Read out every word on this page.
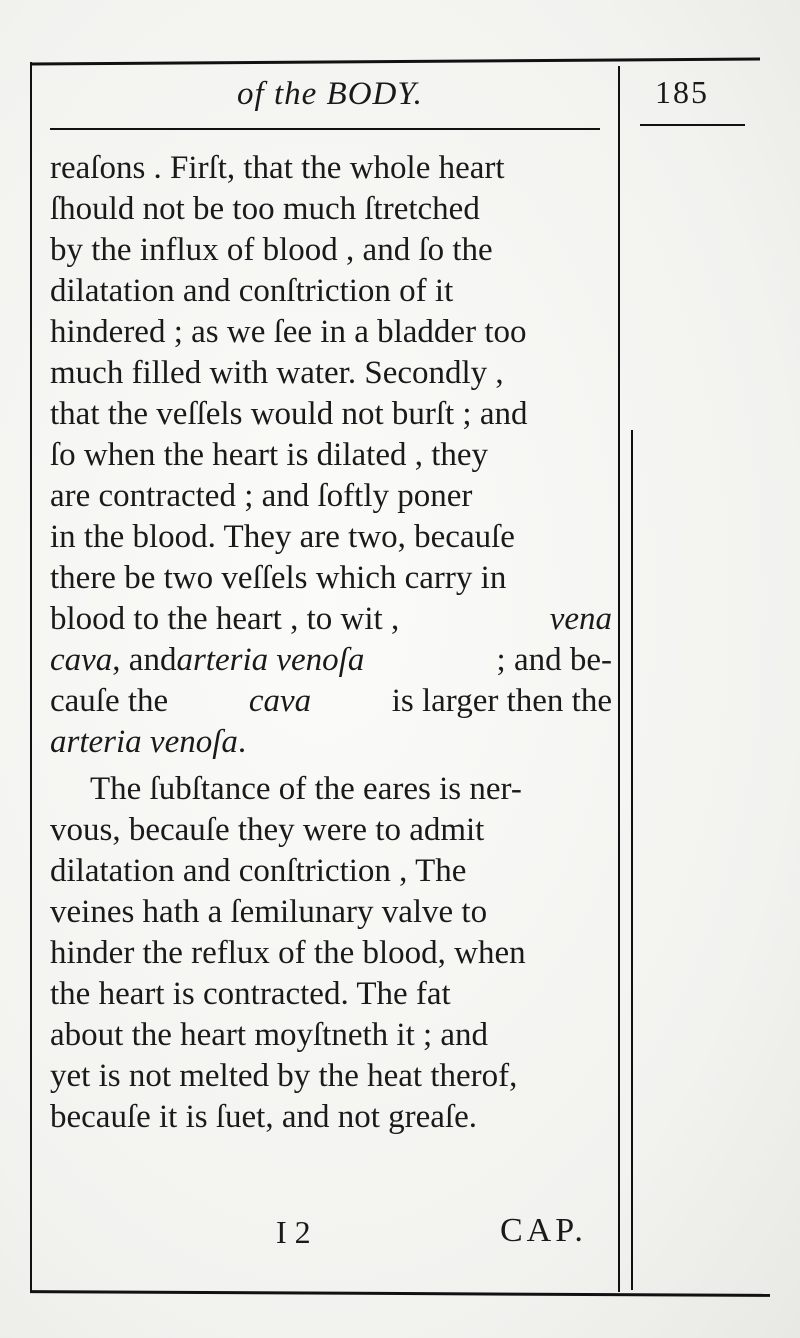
of the BODY.	185
reaſons . Firſt, that the whole heart
ſhould not be too much ſtretched
by the influx of blood , and ſo the
dilatation and conſtriction of it
hindered ; as we ſee in a bladder too
much filled with water. Secondly ,
that the veſſels would not burſt ; and
ſo when the heart is dilated , they
are contracted ; and ſoftly poner
in the blood. They are two, becauſe
there be two veſſels which carry in
blood to the heart , to wit ,	vena
cava, andarteria venoſa	; and be-
cauſe the cava is larger then the
arteria venoſa .
The ſubſtance of the eares is ner-
vous, becauſe they were to admit
dilatation and conſtriction , The
veines hath a ſemilunary valve to
hinder the reflux of the blood, when
the heart is contracted. The fat
about the heart moyſtneth it ; and
yet is not melted by the heat therof,
becauſe it is ſuet, and not greaſe.
I 2	CAP.
